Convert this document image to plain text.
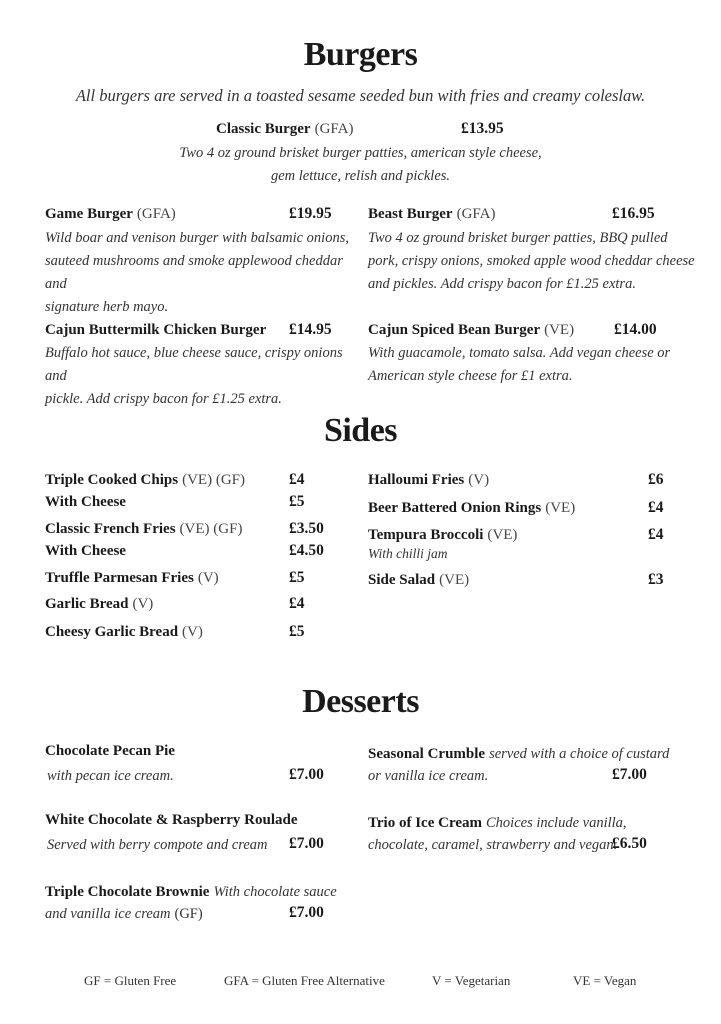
Burgers
All burgers are served in a toasted sesame seeded bun with fries and creamy coleslaw.
Classic Burger (GFA)	£13.95
Two 4 oz ground brisket burger patties, american style cheese,
gem lettuce, relish and pickles.
Game Burger (GFA)	£19.95
Wild boar and venison burger with balsamic onions,
sauteed mushrooms and smoke applewood cheddar and
signature herb mayo.
Beast Burger (GFA)	£16.95
Two 4 oz ground brisket burger patties, BBQ pulled
pork, crispy onions, smoked apple wood cheddar cheese
and pickles. Add crispy bacon for £1.25 extra.
Cajun Buttermilk Chicken Burger £14.95
Buffalo hot sauce, blue cheese sauce, crispy onions and
pickle. Add crispy bacon for £1.25 extra.
Cajun Spiced Bean Burger (VE)	£14.00
With guacamole, tomato salsa. Add vegan cheese or
American style cheese for £1 extra.
Sides
Triple Cooked Chips (VE) (GF)	£4
With Cheese	£5
Classic French Fries (VE) (GF)	£3.50
With Cheese	£4.50
Truffle Parmesan Fries (V)	£5
Garlic Bread (V)	£4
Cheesy Garlic Bread (V)	£5
Halloumi Fries (V)	£6
Beer Battered Onion Rings (VE)	£4
Tempura Broccoli (VE)	£4
With chilli jam
Side Salad (VE)	£3
Desserts
Chocolate Pecan Pie
with pecan ice cream.	£7.00
Seasonal Crumble served with a choice of custard
or vanilla ice cream.	£7.00
White Chocolate & Raspberry Roulade
Served with berry compote and cream £7.00
Trio of Ice Cream Choices include vanilla,
chocolate, caramel, strawberry and vegan.
£6.50
Triple Chocolate Brownie With chocolate sauce
and vanilla ice cream (GF)	£7.00
GF = Gluten Free	GFA = Gluten Free Alternative	V = Vegetarian	VE = Vegan
